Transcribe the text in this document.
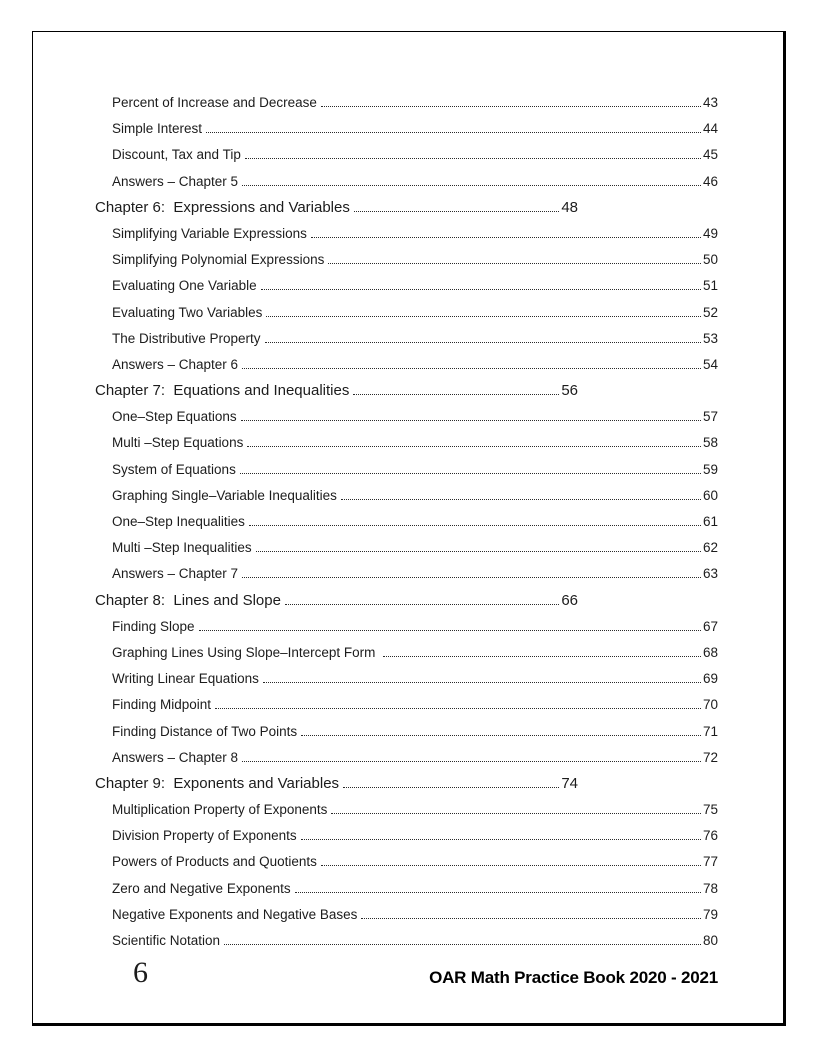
Percent of Increase and Decrease	43
Simple Interest	44
Discount, Tax and Tip	45
Answers – Chapter 5	46
Chapter 6:  Expressions and Variables	48
Simplifying Variable Expressions	49
Simplifying Polynomial Expressions	50
Evaluating One Variable	51
Evaluating Two Variables	52
The Distributive Property	53
Answers – Chapter 6	54
Chapter 7:  Equations and Inequalities	56
One–Step Equations	57
Multi –Step Equations	58
System of Equations	59
Graphing Single–Variable Inequalities	60
One–Step Inequalities	61
Multi –Step Inequalities	62
Answers – Chapter 7	63
Chapter 8:  Lines and Slope	66
Finding Slope	67
Graphing Lines Using Slope–Intercept Form	68
Writing Linear Equations	69
Finding Midpoint	70
Finding Distance of Two Points	71
Answers – Chapter 8	72
Chapter 9:  Exponents and Variables	74
Multiplication Property of Exponents	75
Division Property of Exponents	76
Powers of Products and Quotients	77
Zero and Negative Exponents	78
Negative Exponents and Negative Bases	79
Scientific Notation	80
6	OAR Math Practice Book 2020 - 2021
